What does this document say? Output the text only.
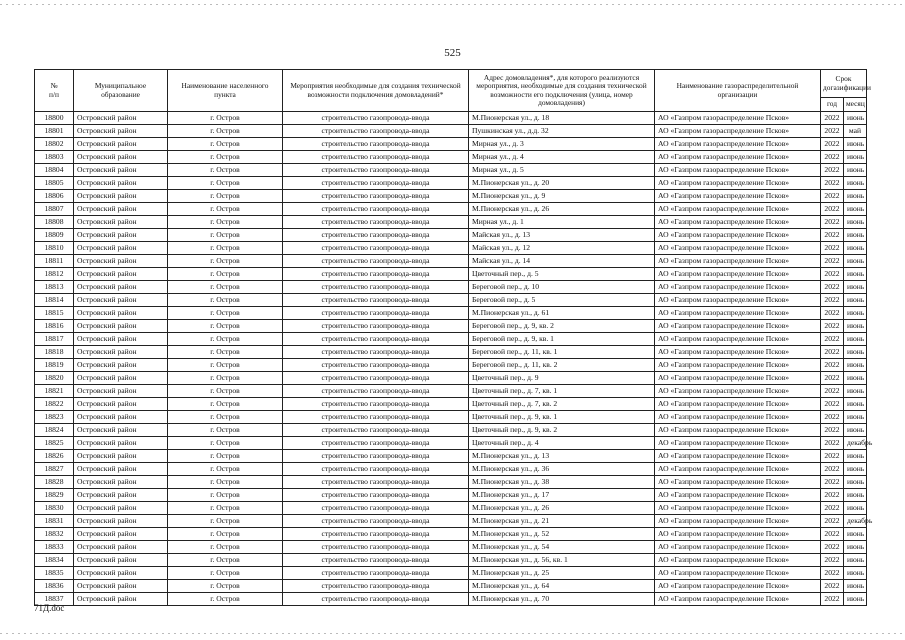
525
№
п/п	Муниципальное образование	Наименование населенного пункта	Мероприятия необходимые для создания технической возможности подключения домовладений*	Адрес домовладения*, для которого реализуются мероприятия, необходимые для создания технической возможности его подключения (улица, номер домовладения)	Наименование газораспределительной организации	Срок догазификации	
						год	месяц
18800	Островский район	г. Остров	строительство газопровода-ввода	М.Пионерская ул., д. 18	АО «Газпром газораспределение Псков»	2022	июнь
18801	Островский район	г. Остров	строительство газопровода-ввода	Пушкинская ул., д.д. 32	АО «Газпром газораспределение Псков»	2022	май
18802	Островский район	г. Остров	строительство газопровода-ввода	Мирная ул., д. 3	АО «Газпром газораспределение Псков»	2022	июнь
18803	Островский район	г. Остров	строительство газопровода-ввода	Мирная ул., д. 4	АО «Газпром газораспределение Псков»	2022	июнь
18804	Островский район	г. Остров	строительство газопровода-ввода	Мирная ул., д. 5	АО «Газпром газораспределение Псков»	2022	июнь
18805	Островский район	г. Остров	строительство газопровода-ввода	М.Пионерская ул., д. 20	АО «Газпром газораспределение Псков»	2022	июнь
18806	Островский район	г. Остров	строительство газопровода-ввода	М.Пионерская ул., д. 9	АО «Газпром газораспределение Псков»	2022	июнь
18807	Островский район	г. Остров	строительство газопровода-ввода	М.Пионерская ул., д. 26	АО «Газпром газораспределение Псков»	2022	июнь
18808	Островский район	г. Остров	строительство газопровода-ввода	Мирная ул., д. 1	АО «Газпром газораспределение Псков»	2022	июнь
18809	Островский район	г. Остров	строительство газопровода-ввода	Майская ул., д. 13	АО «Газпром газораспределение Псков»	2022	июнь
18810	Островский район	г. Остров	строительство газопровода-ввода	Майская ул., д. 12	АО «Газпром газораспределение Псков»	2022	июнь
18811	Островский район	г. Остров	строительство газопровода-ввода	Майская ул., д. 14	АО «Газпром газораспределение Псков»	2022	июнь
18812	Островский район	г. Остров	строительство газопровода-ввода	Цветочный пер., д. 5	АО «Газпром газораспределение Псков»	2022	июнь
18813	Островский район	г. Остров	строительство газопровода-ввода	Береговой пер., д. 10	АО «Газпром газораспределение Псков»	2022	июнь
18814	Островский район	г. Остров	строительство газопровода-ввода	Береговой пер., д. 5	АО «Газпром газораспределение Псков»	2022	июнь
18815	Островский район	г. Остров	строительство газопровода-ввода	М.Пионерская ул., д. 61	АО «Газпром газораспределение Псков»	2022	июнь
18816	Островский район	г. Остров	строительство газопровода-ввода	Береговой пер., д. 9, кв. 2	АО «Газпром газораспределение Псков»	2022	июнь
18817	Островский район	г. Остров	строительство газопровода-ввода	Береговой пер., д. 9, кв. 1	АО «Газпром газораспределение Псков»	2022	июнь
18818	Островский район	г. Остров	строительство газопровода-ввода	Береговой пер., д. 11, кв. 1	АО «Газпром газораспределение Псков»	2022	июнь
18819	Островский район	г. Остров	строительство газопровода-ввода	Береговой пер., д. 11, кв. 2	АО «Газпром газораспределение Псков»	2022	июнь
18820	Островский район	г. Остров	строительство газопровода-ввода	Цветочный пер., д. 9	АО «Газпром газораспределение Псков»	2022	июнь
18821	Островский район	г. Остров	строительство газопровода-ввода	Цветочный пер., д. 7, кв. 1	АО «Газпром газораспределение Псков»	2022	июнь
18822	Островский район	г. Остров	строительство газопровода-ввода	Цветочный пер., д. 7, кв. 2	АО «Газпром газораспределение Псков»	2022	июнь
18823	Островский район	г. Остров	строительство газопровода-ввода	Цветочный пер., д. 9, кв. 1	АО «Газпром газораспределение Псков»	2022	июнь
18824	Островский район	г. Остров	строительство газопровода-ввода	Цветочный пер., д. 9, кв. 2	АО «Газпром газораспределение Псков»	2022	июнь
18825	Островский район	г. Остров	строительство газопровода-ввода	Цветочный пер., д. 4	АО «Газпром газораспределение Псков»	2022	декабрь
18826	Островский район	г. Остров	строительство газопровода-ввода	М.Пионерская ул., д. 13	АО «Газпром газораспределение Псков»	2022	июнь
18827	Островский район	г. Остров	строительство газопровода-ввода	М.Пионерская ул., д. 36	АО «Газпром газораспределение Псков»	2022	июнь
18828	Островский район	г. Остров	строительство газопровода-ввода	М.Пионерская ул., д. 38	АО «Газпром газораспределение Псков»	2022	июнь
18829	Островский район	г. Остров	строительство газопровода-ввода	М.Пионерская ул., д. 17	АО «Газпром газораспределение Псков»	2022	июнь
18830	Островский район	г. Остров	строительство газопровода-ввода	М.Пионерская ул., д. 26	АО «Газпром газораспределение Псков»	2022	июнь
18831	Островский район	г. Остров	строительство газопровода-ввода	М.Пионерская ул., д. 21	АО «Газпром газораспределение Псков»	2022	декабрь
18832	Островский район	г. Остров	строительство газопровода-ввода	М.Пионерская ул., д. 52	АО «Газпром газораспределение Псков»	2022	июнь
18833	Островский район	г. Остров	строительство газопровода-ввода	М.Пионерская ул., д. 54	АО «Газпром газораспределение Псков»	2022	июнь
18834	Островский район	г. Остров	строительство газопровода-ввода	М.Пионерская ул., д. 56, кв. 1	АО «Газпром газораспределение Псков»	2022	июнь
18835	Островский район	г. Остров	строительство газопровода-ввода	М.Пионерская ул., д. 25	АО «Газпром газораспределение Псков»	2022	июнь
18836	Островский район	г. Остров	строительство газопровода-ввода	М.Пионерская ул., д. 64	АО «Газпром газораспределение Псков»	2022	июнь
18837	Островский район	г. Остров	строительство газопровода-ввода	М.Пионерская ул., д. 70	АО «Газпром газораспределение Псков»	2022	июнь
71Д.doc
